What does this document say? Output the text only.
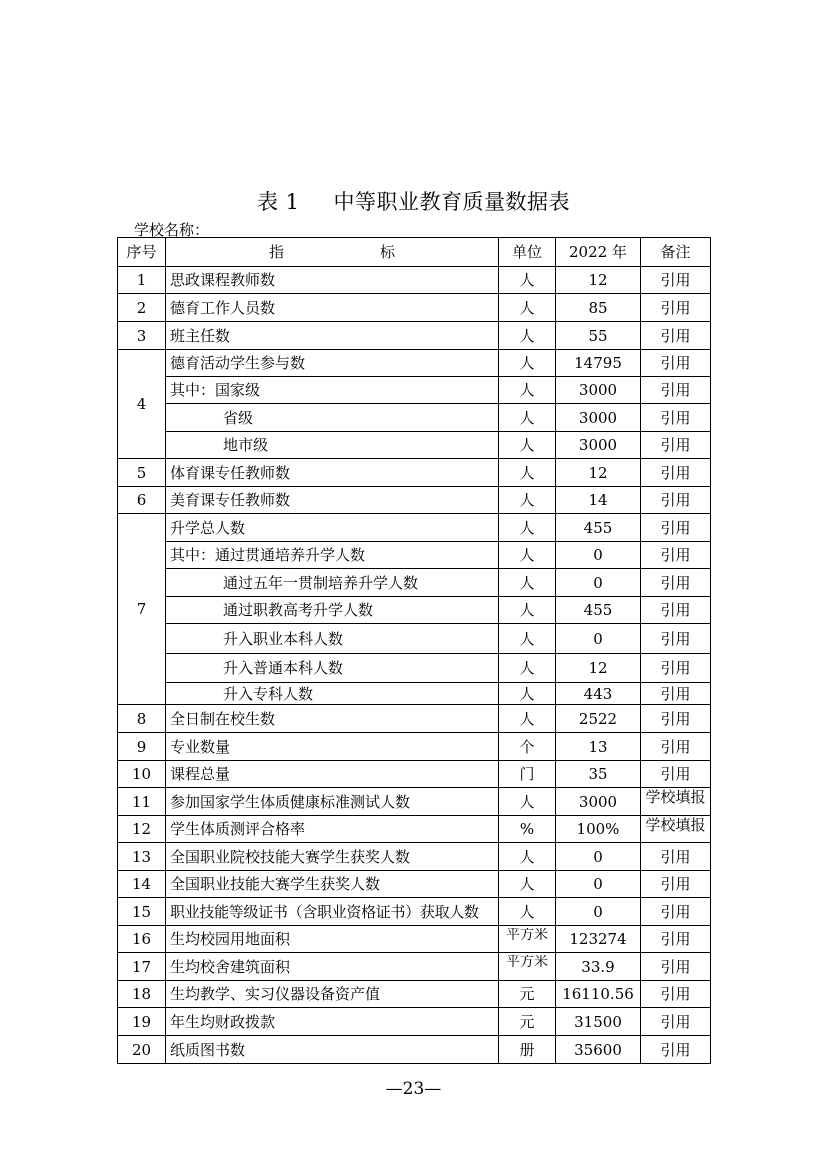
表 1 中等职业教育质量数据表
学校名称：
序号	指 标	单位	2022 年	备注
1	思政课程教师数	人	12	引用
2	德育工作人员数	人	85	引用
3	班主任数	人	55	引用
4	德育活动学生参与数	人	14795	引用
	其中：国家级	人	3000	引用
	省级	人	3000	引用
	地市级	人	3000	引用
5	体育课专任教师数	人	12	引用
6	美育课专任教师数	人	14	引用
7	升学总人数	人	455	引用
	其中：通过贯通培养升学人数	人	0	引用
	通过五年一贯制培养升学人数	人	0	引用
	通过职教高考升学人数	人	455	引用
	升入职业本科人数	人	0	引用
	升入普通本科人数	人	12	引用
	升入专科人数	人	443	引用
8	全日制在校生数	人	2522	引用
9	专业数量	个	13	引用
10	课程总量	门	35	引用
11	参加国家学生体质健康标准测试人数	人	3000	学校填报

12	学生体质测评合格率	%	100%	学校填报

13	全国职业院校技能大赛学生获奖人数	人	0	引用
14	全国职业技能大赛学生获奖人数	人	0	引用
15	职业技能等级证书（含职业资格证书）获取人数	人	0	引用
16	生均校园用地面积	平方米	123274	引用
17	生均校舍建筑面积	平方米	33.9	引用
18	生均教学、实习仪器设备资产值	元	16110.56	引用
19	年生均财政拨款	元	31500	引用
20	纸质图书数	册	35600	引用
—23—
